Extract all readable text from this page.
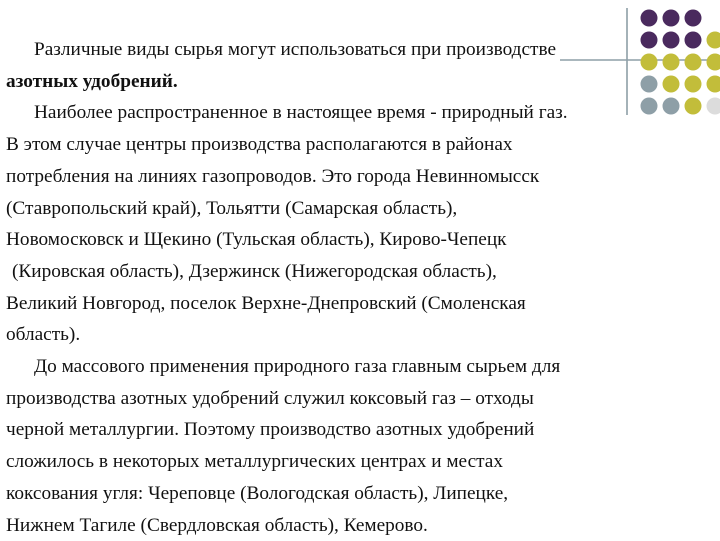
Различные виды сырья могут использоваться при производстве
азотных удобрений.

Наиболее распространенное в настоящее время - природный газ.
В этом случае центры производства располагаются в районах
потребления на линиях газопроводов. Это города Невинномысск
(Ставропольский край), Тольятти (Самарская область),
Новомосковск и Щекино (Тульская область), Кирово-Чепецк
(Кировская область), Дзержинск (Нижегородская область),
Великий Новгород, поселок Верхне-Днепровский (Смоленская
область).

До массового применения природного газа главным сырьем для
производства азотных удобрений служил коксовый газ – отходы
черной металлургии. Поэтому производство азотных удобрений
сложилось в некоторых металлургических центрах и местах
коксования угля: Череповце (Вологодская область), Липецке,
Нижнем Тагиле (Свердловская область), Кемерово.
